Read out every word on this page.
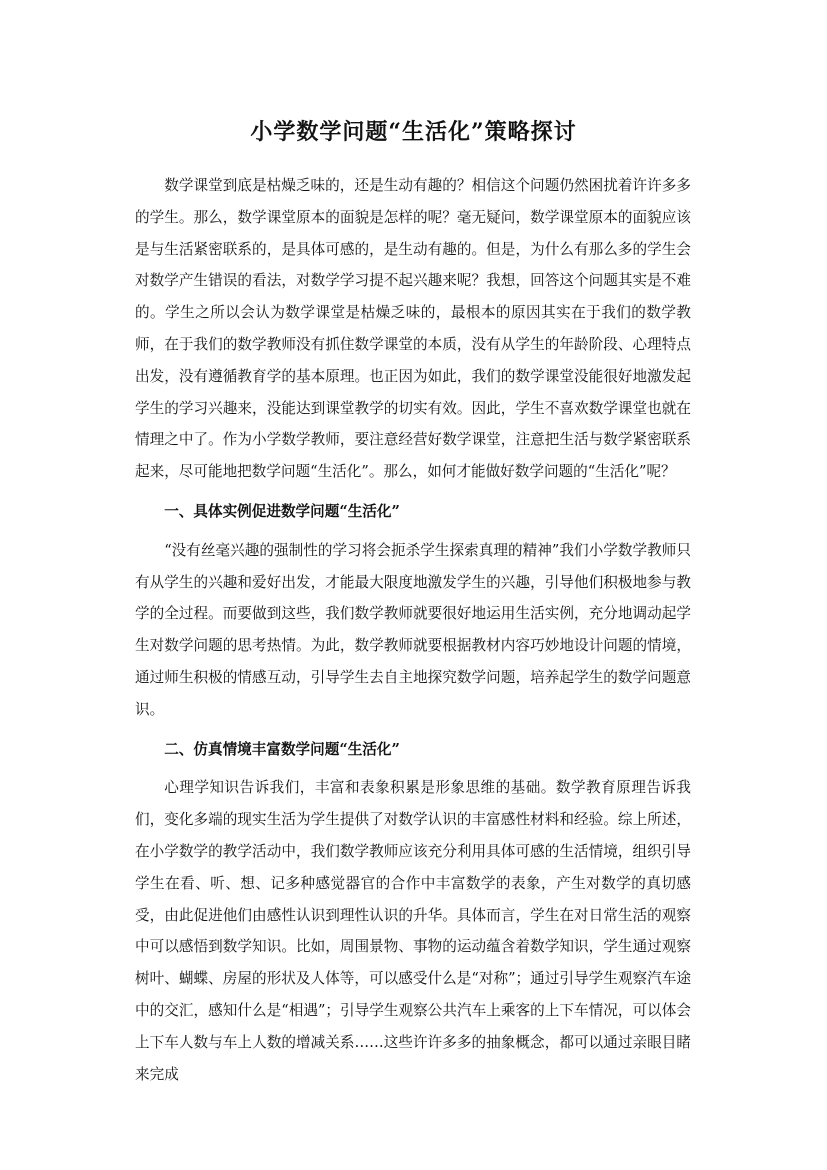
小学数学问题“生活化”策略探讨

数学课堂到底是枯燥乏味的，还是生动有趣的？相信这个问题仍然困扰着许许多多的学生。那么，数学课堂原本的面貌是怎样的呢？毫无疑问，数学课堂原本的面貌应该是与生活紧密联系的，是具体可感的，是生动有趣的。但是，为什么有那么多的学生会对数学产生错误的看法，对数学学习提不起兴趣来呢？我想，回答这个问题其实是不难的。学生之所以会认为数学课堂是枯燥乏味的，最根本的原因其实在于我们的数学教师，在于我们的数学教师没有抓住数学课堂的本质，没有从学生的年龄阶段、心理特点出发，没有遵循教育学的基本原理。也正因为如此，我们的数学课堂没能很好地激发起学生的学习兴趣来，没能达到课堂教学的切实有效。因此，学生不喜欢数学课堂也就在情理之中了。作为小学数学教师，要注意经营好数学课堂，注意把生活与数学紧密联系起来，尽可能地把数学问题“生活化”。那么，如何才能做好数学问题的“生活化”呢？

一、具体实例促进数学问题“生活化”

“没有丝毫兴趣的强制性的学习将会扼杀学生探索真理的精神”我们小学数学教师只有从学生的兴趣和爱好出发，才能最大限度地激发学生的兴趣，引导他们积极地参与教学的全过程。而要做到这些，我们数学教师就要很好地运用生活实例，充分地调动起学生对数学问题的思考热情。为此，数学教师就要根据教材内容巧妙地设计问题的情境，通过师生积极的情感互动，引导学生去自主地探究数学问题，培养起学生的数学问题意识。

二、仿真情境丰富数学问题“生活化”

心理学知识告诉我们，丰富和表象积累是形象思维的基础。数学教育原理告诉我们，变化多端的现实生活为学生提供了对数学认识的丰富感性材料和经验。综上所述，在小学数学的教学活动中，我们数学教师应该充分利用具体可感的生活情境，组织引导学生在看、听、想、记多种感觉器官的合作中丰富数学的表象，产生对数学的真切感受，由此促进他们由感性认识到理性认识的升华。具体而言，学生在对日常生活的观察中可以感悟到数学知识。比如，周围景物、事物的运动蕴含着数学知识，学生通过观察树叶、蝴蝶、房屋的形状及人体等，可以感受什么是“对称”；通过引导学生观察汽车途中的交汇，感知什么是“相遇”；引导学生观察公共汽车上乘客的上下车情况，可以体会上下车人数与车上人数的增减关系……这些许许多多的抽象概念，都可以通过亲眼目睹来完成
